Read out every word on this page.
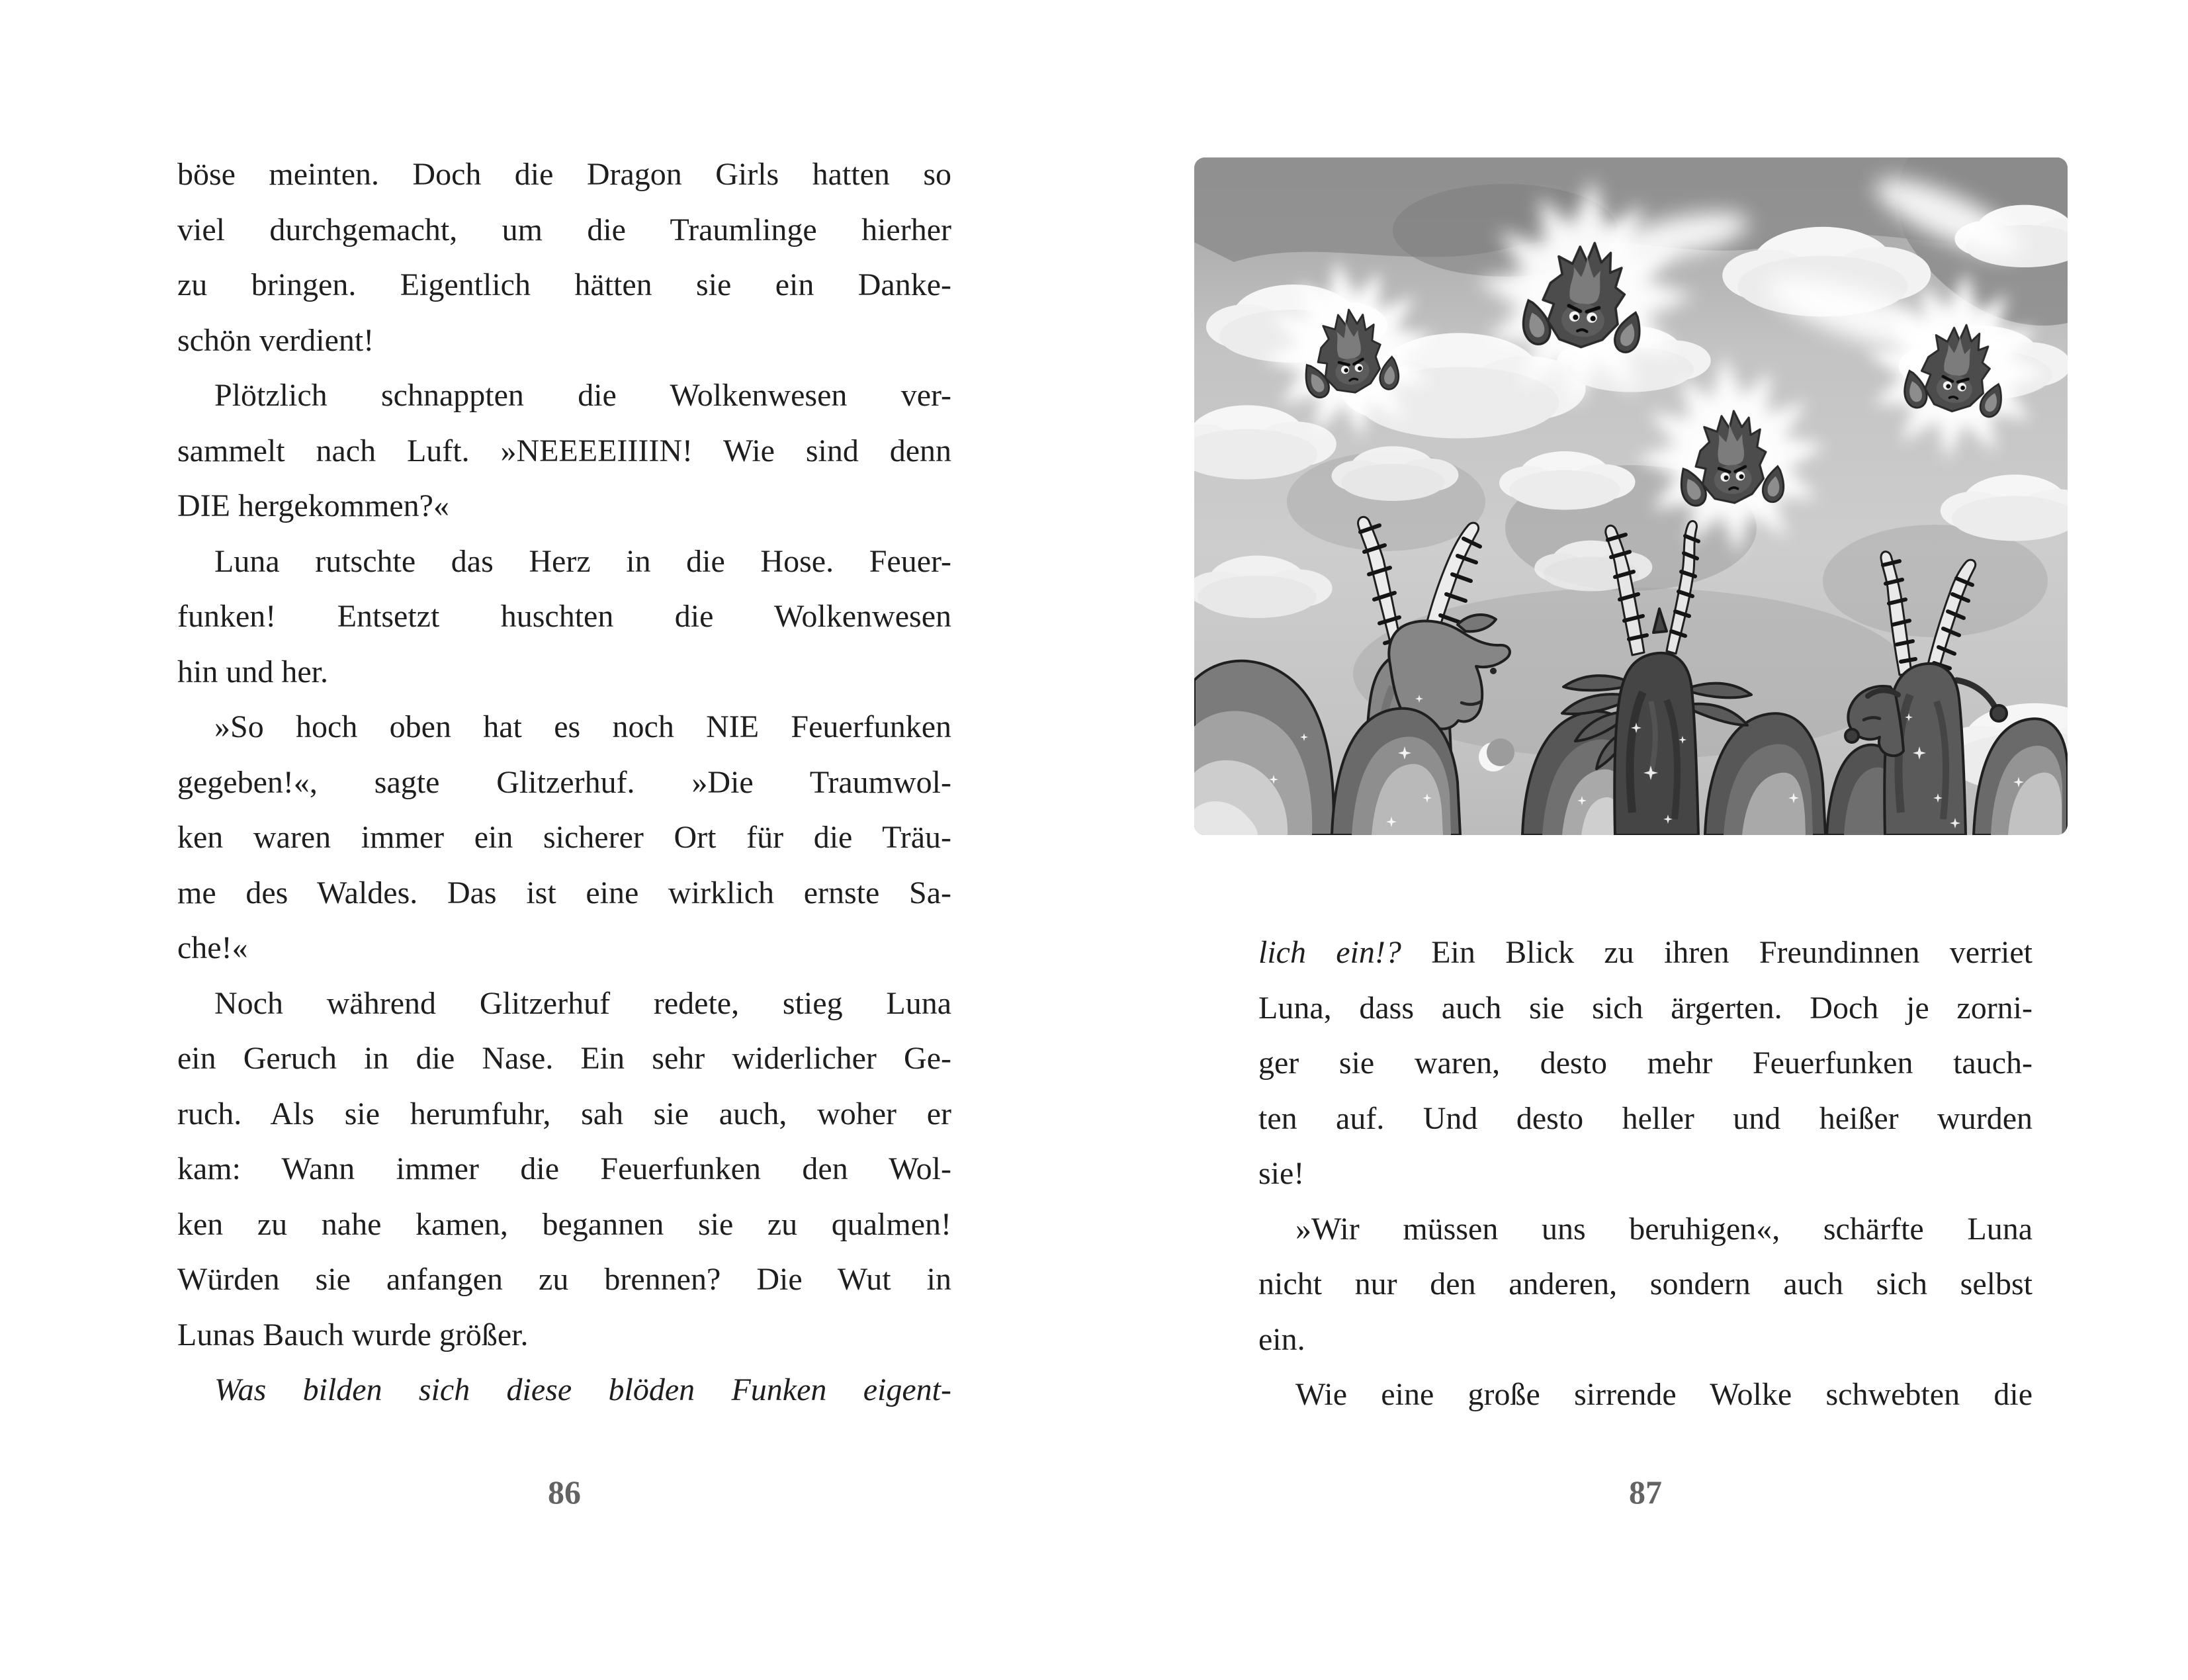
böse meinten. Doch die Dragon Girls hatten so
viel durchgemacht, um die Traumlinge hierher
zu bringen. Eigentlich hätten sie ein Danke-
schön verdient!
Plötzlich schnappten die Wolkenwesen ver-
sammelt nach Luft. »NEEEEIIIIN! Wie sind denn
DIE hergekommen?«
Luna rutschte das Herz in die Hose. Feuer-
funken! Entsetzt huschten die Wolkenwesen
hin und her.
»So hoch oben hat es noch NIE Feuerfunken
gegeben!«, sagte Glitzerhuf. »Die Traumwol-
ken waren immer ein sicherer Ort für die Träu-
me des Waldes. Das ist eine wirklich ernste Sa-
che!«
Noch während Glitzerhuf redete, stieg Luna
ein Geruch in die Nase. Ein sehr widerlicher Ge-
ruch. Als sie herumfuhr, sah sie auch, woher er
kam: Wann immer die Feuerfunken den Wol-
ken zu nahe kamen, begannen sie zu qualmen!
Würden sie anfangen zu brennen? Die Wut in
Lunas Bauch wurde größer.
Was bilden sich diese blöden Funken eigent-
86
lich ein!? Ein Blick zu ihren Freundinnen verriet
Luna, dass auch sie sich ärgerten. Doch je zorni-
ger sie waren, desto mehr Feuerfunken tauch-
ten auf. Und desto heller und heißer wurden
sie!
»Wir müssen uns beruhigen«, schärfte Luna
nicht nur den anderen, sondern auch sich selbst
ein.
Wie eine große sirrende Wolke schwebten die
87
